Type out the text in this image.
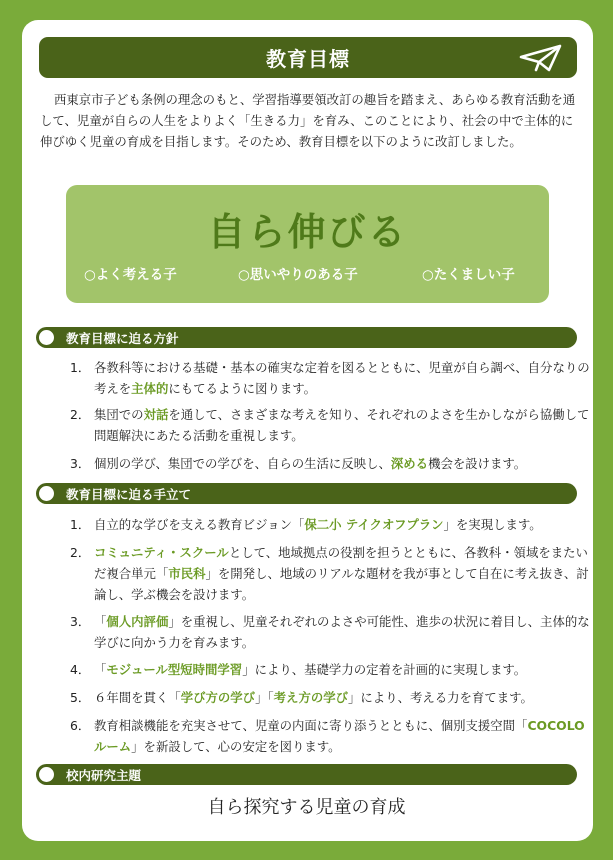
教育目標

西東京市子ども条例の理念のもと、学習指導要領改訂の趣旨を踏まえ、あらゆる教育活動を通して、児童が自らの人生をよりよく「生きる力」を育み、このことにより、社会の中で主体的に伸びゆく児童の育成を目指します。そのため、教育目標を以下のように改訂しました。

自ら伸びる
○よく考える子	○思いやりのある子	○たくましい子
教育目標に迫る方針
1． 各教科等における基礎・基本の確実な定着を図るとともに、児童が自ら調べ、自分なりの考えを主体的にもてるように図ります。
2． 集団での対話を通して、さまざまな考えを知り、それぞれのよさを生かしながら協働して問題解決にあたる活動を重視します。
3． 個別の学び、集団での学びを、自らの生活に反映し、深める機会を設けます。
教育目標に迫る手立て
1． 自立的な学びを支える教育ビジョン「保二小 テイクオフプラン」を実現します。
2． コミュニティ・スクールとして、地域拠点の役割を担うとともに、各教科・領域をまたいだ複合単元「市民科」を開発し、地域のリアルな題材を我が事として自在に考え抜き、討論し、学ぶ機会を設けます。
3． 「個人内評価」を重視し、児童それぞれのよさや可能性、進歩の状況に着目し、主体的な学びに向かう力を育みます。
4． 「モジュール型短時間学習」により、基礎学力の定着を計画的に実現します。
5． ６年間を貫く「学び方の学び」「考え方の学び」により、考える力を育てます。
6． 教育相談機能を充実させて、児童の内面に寄り添うとともに、個別支援空間「COCOLO ルーム」を新設して、心の安定を図ります。
校内研究主題
自ら探究する児童の育成
